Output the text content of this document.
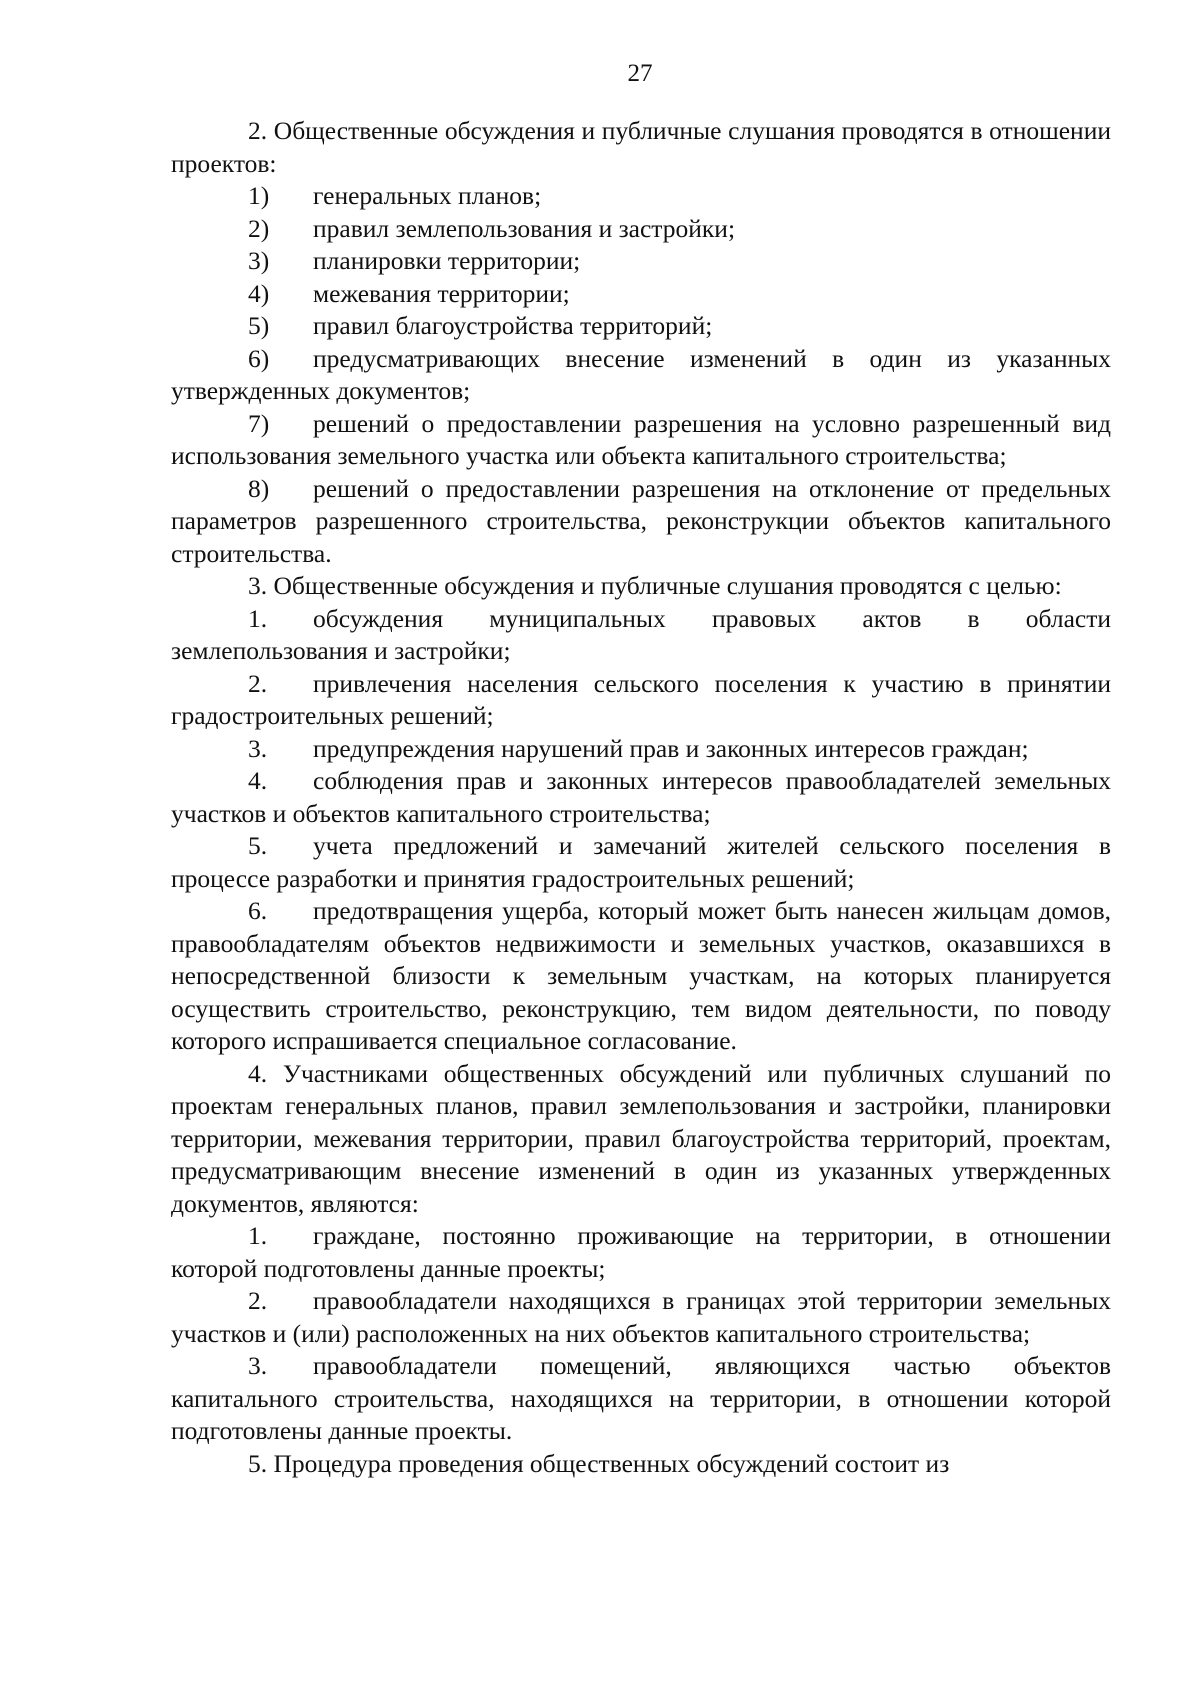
27

2. Общественные обсуждения и публичные слушания проводятся в отношении проектов:

1) генеральных планов;

2) правил землепользования и застройки;

3) планировки территории;

4) межевания территории;

5) правил благоустройства территорий;

6) предусматривающих внесение изменений в один из указанных утвержденных документов;

7) решений о предоставлении разрешения на условно разрешенный вид использования земельного участка или объекта капитального строительства;

8) решений о предоставлении разрешения на отклонение от предельных параметров разрешенного строительства, реконструкции объектов капитального строительства.

3. Общественные обсуждения и публичные слушания проводятся с целью:

1. обсуждения муниципальных правовых актов в области землепользования и застройки;

2. привлечения населения сельского поселения к участию в принятии градостроительных решений;

3. предупреждения нарушений прав и законных интересов граждан;

4. соблюдения прав и законных интересов правообладателей земельных участков и объектов капитального строительства;

5. учета предложений и замечаний жителей сельского поселения в процессе разработки и принятия градостроительных решений;

6. предотвращения ущерба, который может быть нанесен жильцам домов, правообладателям объектов недвижимости и земельных участков, оказавшихся в непосредственной близости к земельным участкам, на которых планируется осуществить строительство, реконструкцию, тем видом деятельности, по поводу которого испрашивается специальное согласование.

4. Участниками общественных обсуждений или публичных слушаний по проектам генеральных планов, правил землепользования и застройки, планировки территории, межевания территории, правил благоустройства территорий, проектам, предусматривающим внесение изменений в один из указанных утвержденных документов, являются:

1. граждане, постоянно проживающие на территории, в отношении которой подготовлены данные проекты;

2. правообладатели находящихся в границах этой территории земельных участков и (или) расположенных на них объектов капитального строительства;

3. правообладатели помещений, являющихся частью объектов капитального строительства, находящихся на территории, в отношении которой подготовлены данные проекты.

5. Процедура проведения общественных обсуждений состоит из
